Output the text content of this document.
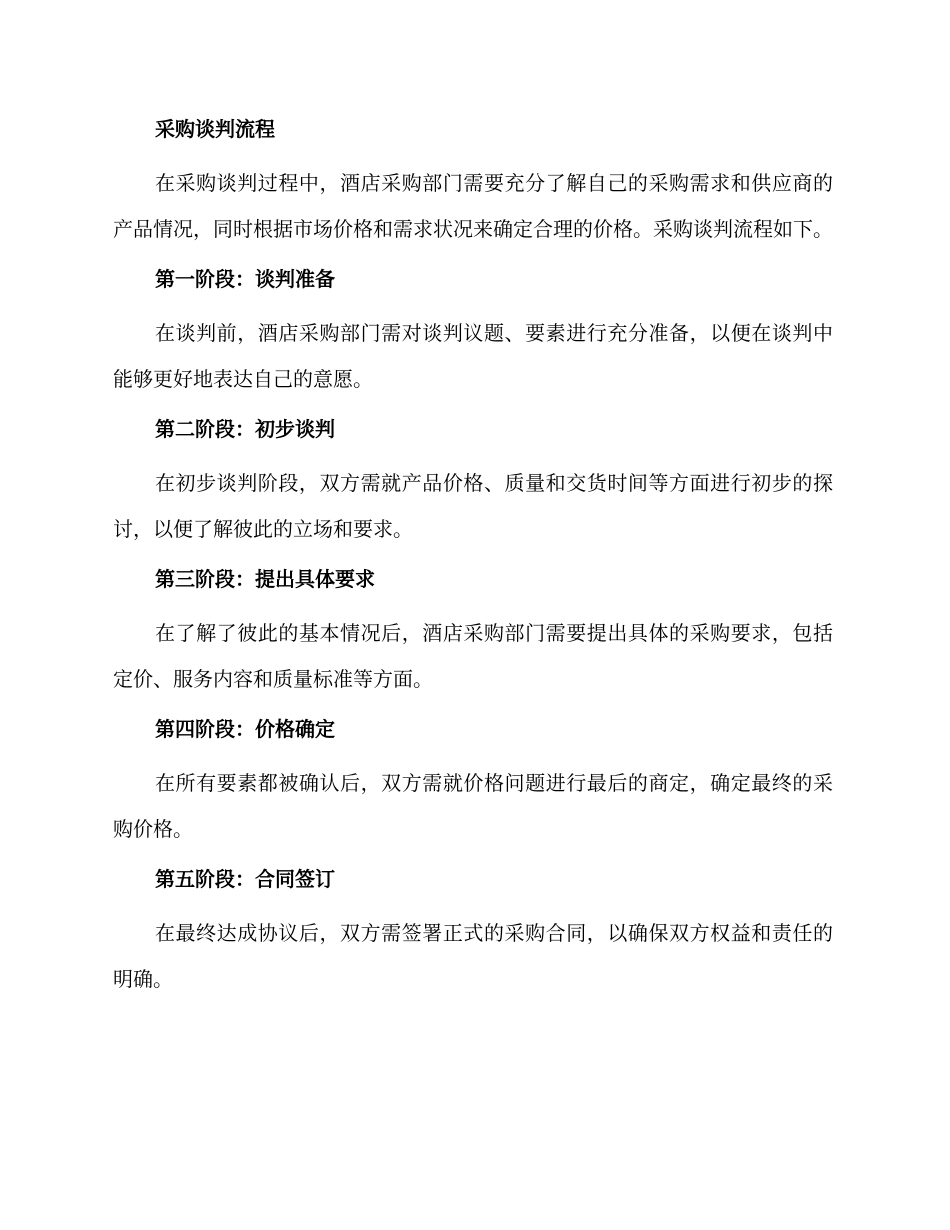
采购谈判流程

在采购谈判过程中，酒店采购部门需要充分了解自己的采购需求和供应商的产品情况，同时根据市场价格和需求状况来确定合理的价格。采购谈判流程如下。

第一阶段：谈判准备

在谈判前，酒店采购部门需对谈判议题、要素进行充分准备，以便在谈判中能够更好地表达自己的意愿。

第二阶段：初步谈判

在初步谈判阶段，双方需就产品价格、质量和交货时间等方面进行初步的探讨，以便了解彼此的立场和要求。

第三阶段：提出具体要求

在了解了彼此的基本情况后，酒店采购部门需要提出具体的采购要求，包括定价、服务内容和质量标准等方面。

第四阶段：价格确定

在所有要素都被确认后，双方需就价格问题进行最后的商定，确定最终的采购价格。

第五阶段：合同签订

在最终达成协议后，双方需签署正式的采购合同，以确保双方权益和责任的明确。
